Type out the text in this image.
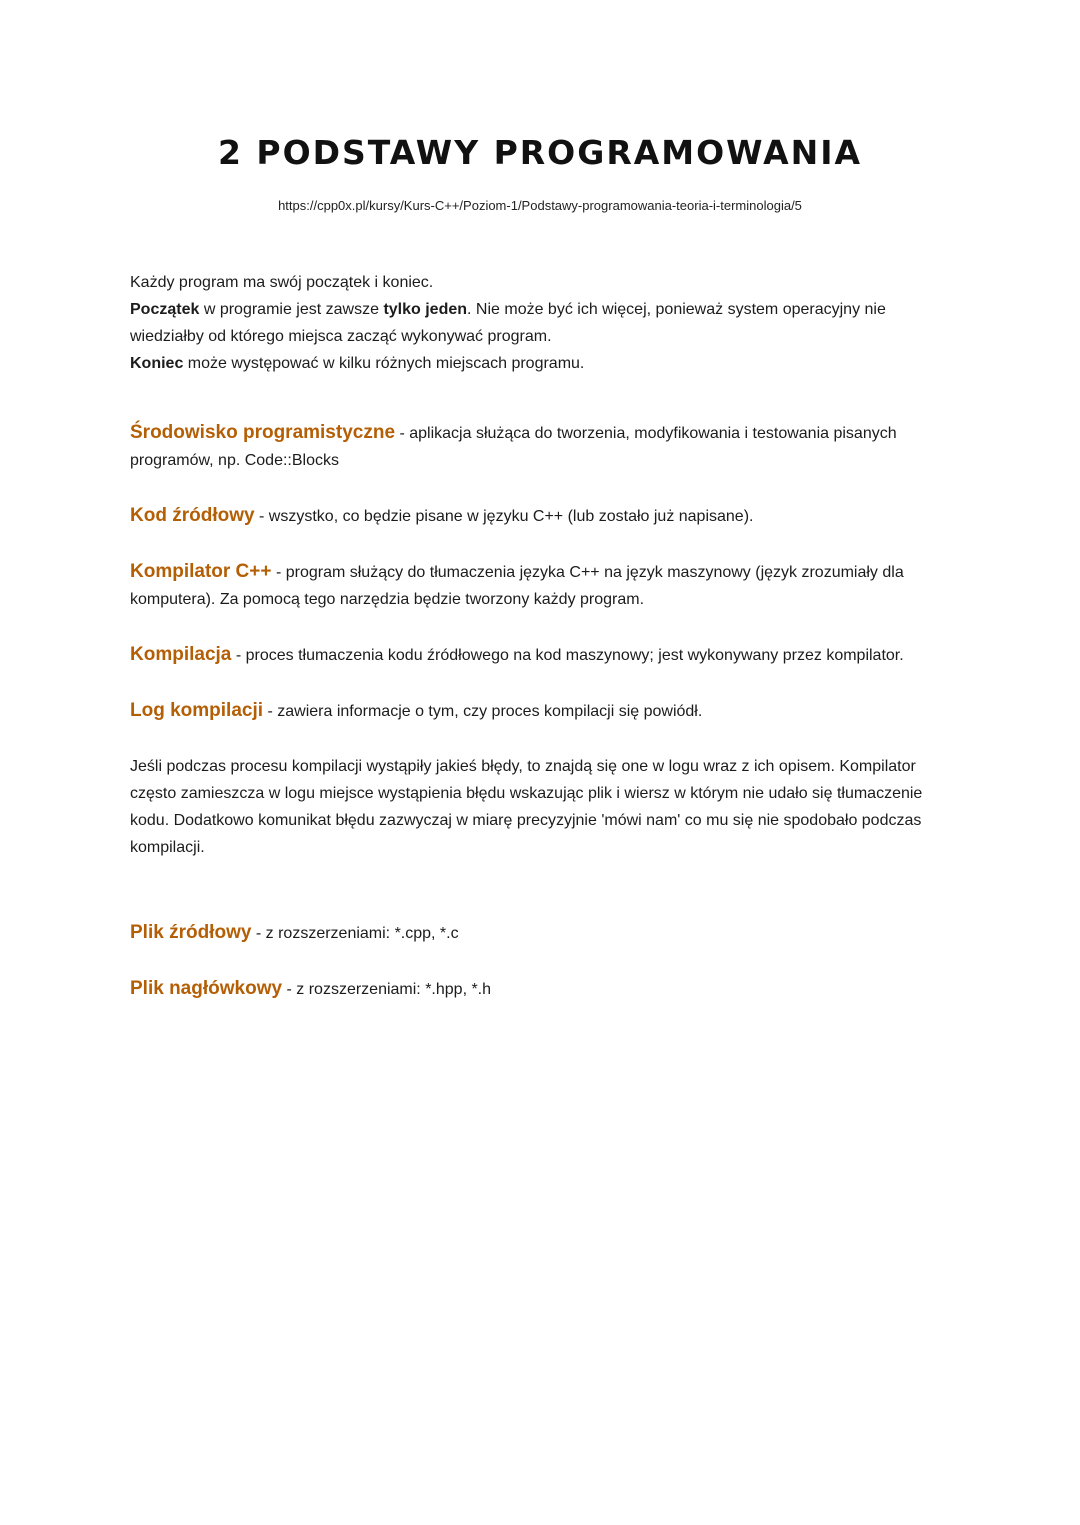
2 PODSTAWY PROGRAMOWANIA
https://cpp0x.pl/kursy/Kurs-C++/Poziom-1/Podstawy-programowania-teoria-i-terminologia/5

Każdy program ma swój początek i koniec.
Początek w programie jest zawsze tylko jeden. Nie może być ich więcej, ponieważ system operacyjny nie wiedziałby od którego miejsca zacząć wykonywać program.
Koniec może występować w kilku różnych miejscach programu.

Środowisko programistyczne - aplikacja służąca do tworzenia, modyfikowania i testowania pisanych programów, np. Code::Blocks

Kod źródłowy - wszystko, co będzie pisane w języku C++ (lub zostało już napisane).

Kompilator C++ - program służący do tłumaczenia języka C++ na język maszynowy (język zrozumiały dla komputera). Za pomocą tego narzędzia będzie tworzony każdy program.

Kompilacja - proces tłumaczenia kodu źródłowego na kod maszynowy; jest wykonywany przez kompilator.

Log kompilacji - zawiera informacje o tym, czy proces kompilacji się powiódł.

Jeśli podczas procesu kompilacji wystąpiły jakieś błędy, to znajdą się one w logu wraz z ich opisem. Kompilator często zamieszcza w logu miejsce wystąpienia błędu wskazując plik i wiersz w którym nie udało się tłumaczenie kodu. Dodatkowo komunikat błędu zazwyczaj w miarę precyzyjnie 'mówi nam' co mu się nie spodobało podczas kompilacji.

Plik źródłowy - z rozszerzeniami: *.cpp, *.c

Plik nagłówkowy - z rozszerzeniami: *.hpp, *.h
